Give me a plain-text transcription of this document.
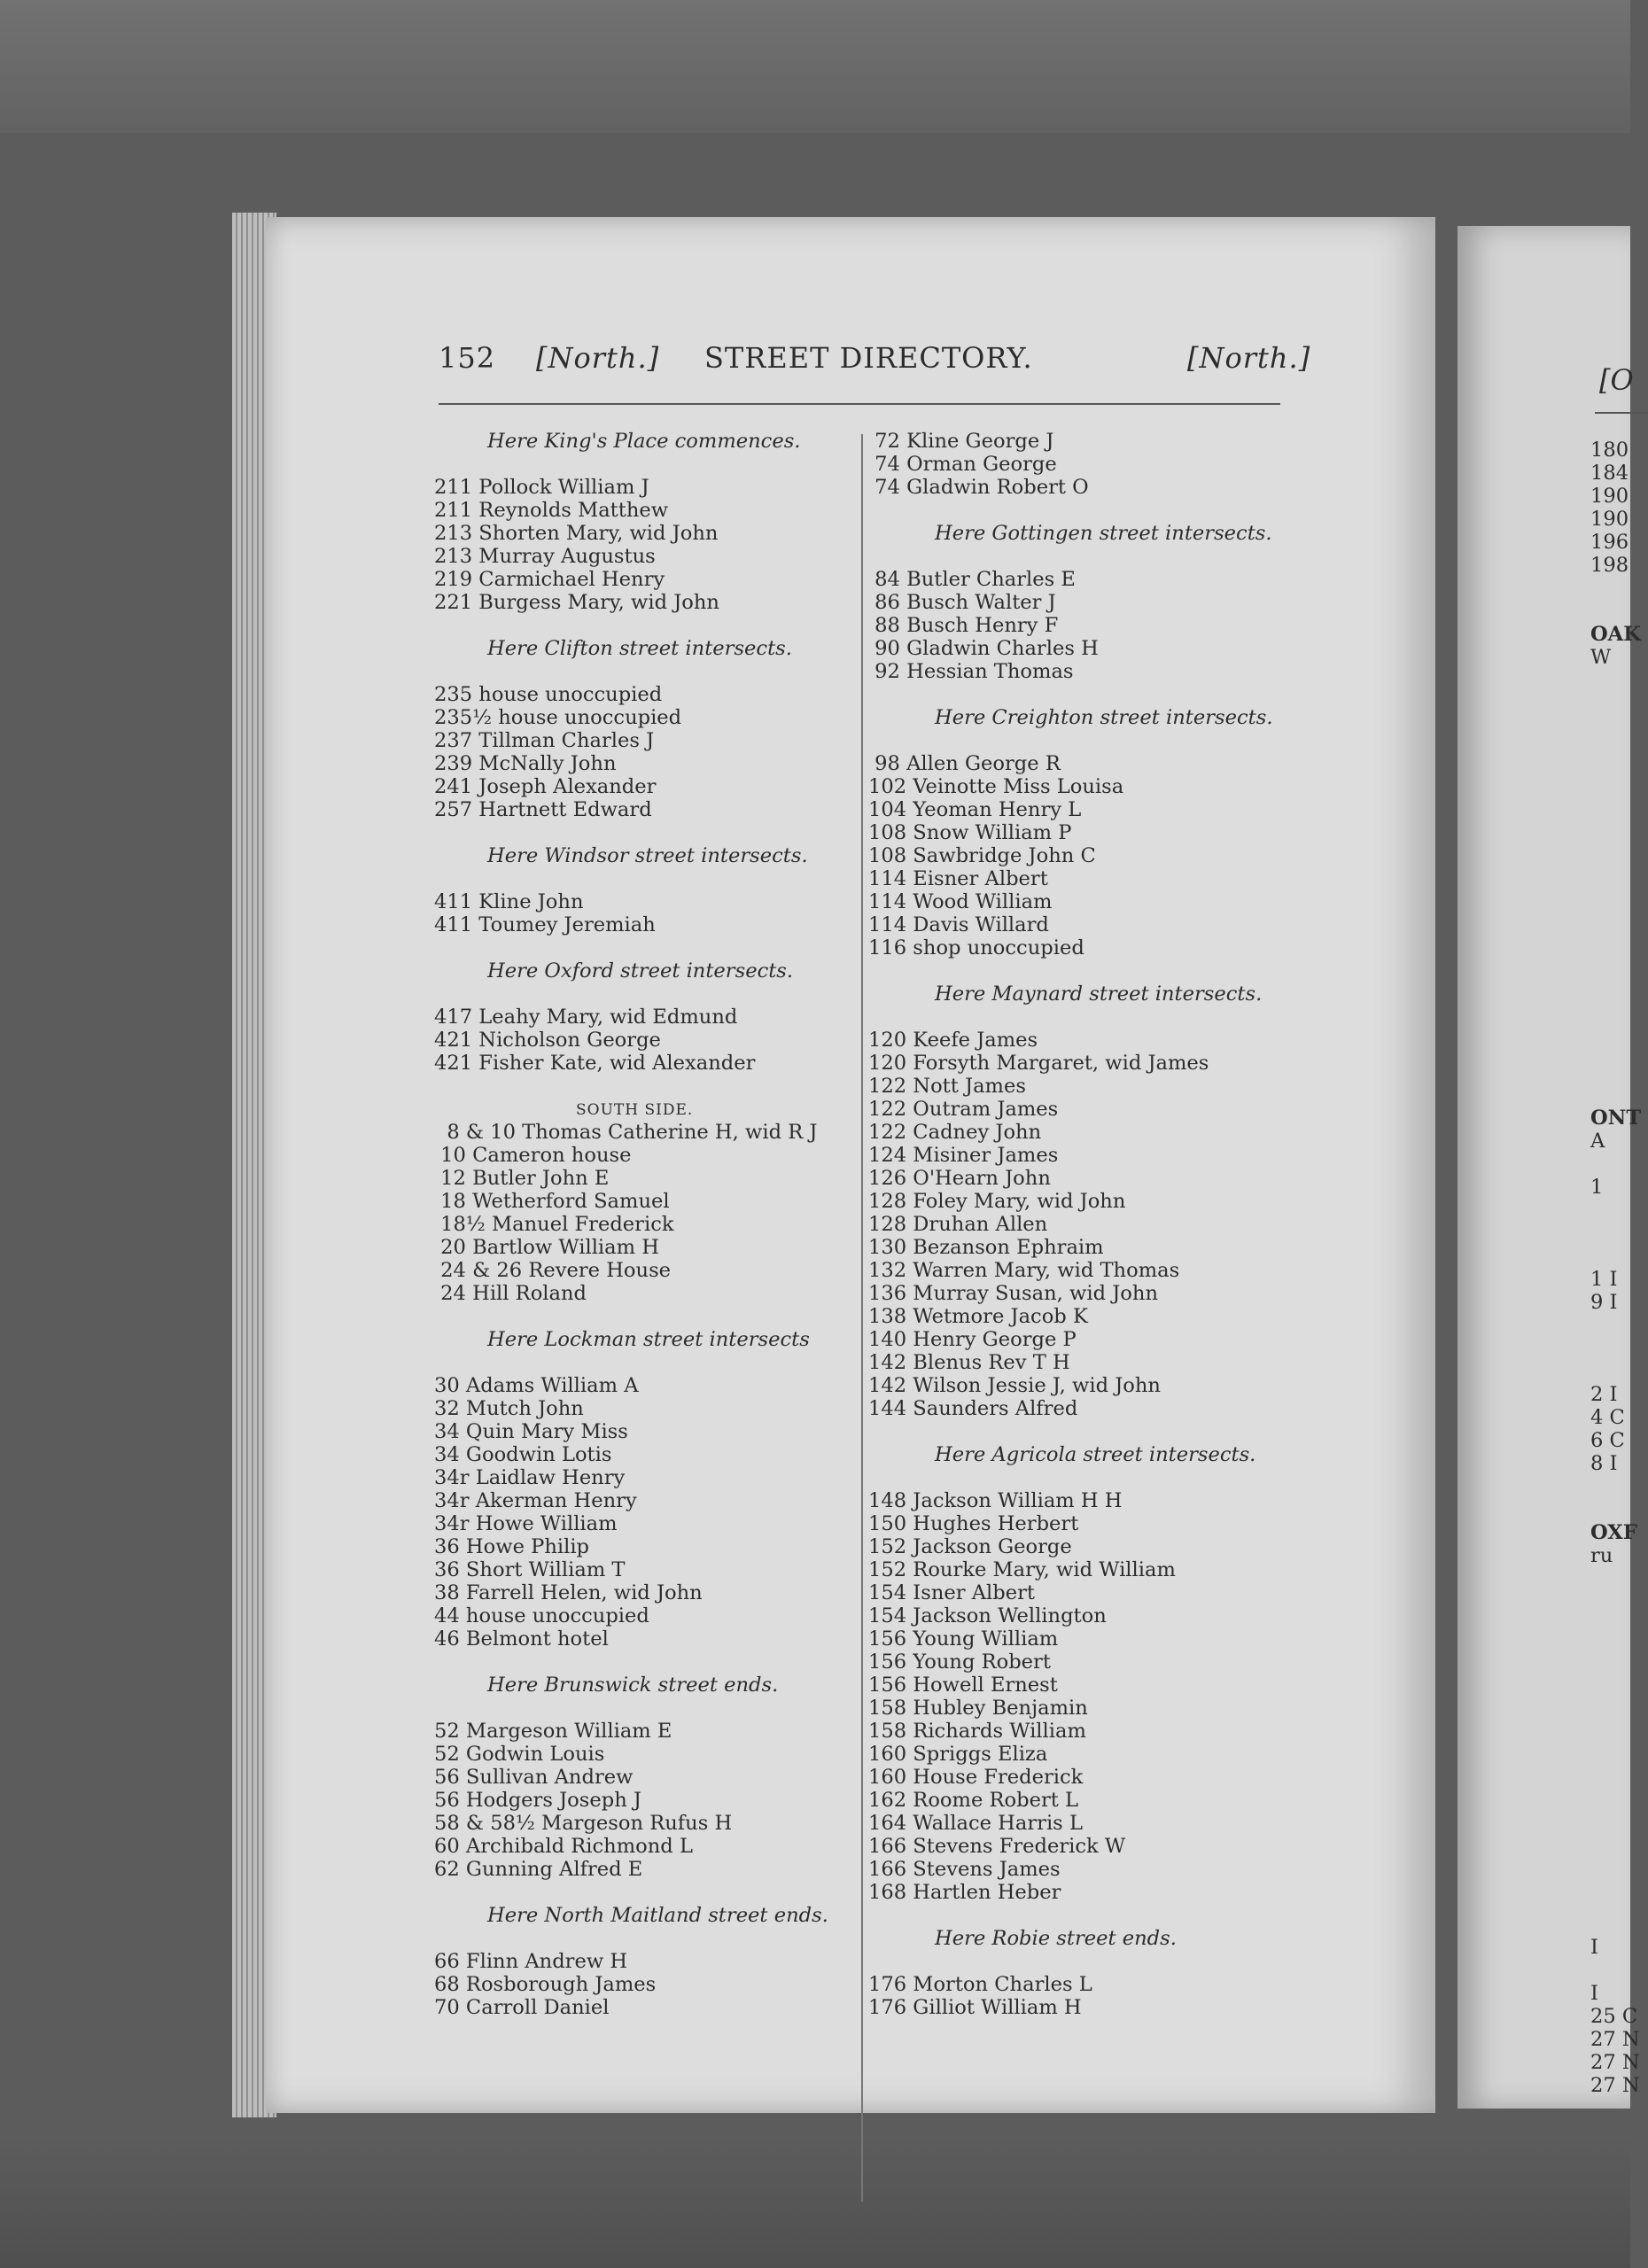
152 [North.] STREET DIRECTORY.	[North.]
Here King's Place commences.
211 Pollock William J
211 Reynolds Matthew
213 Shorten Mary, wid John
213 Murray Augustus
219 Carmichael Henry
221 Burgess Mary, wid John
Here Clifton street intersects.
235 house unoccupied
235½ house unoccupied
237 Tillman Charles J
239 McNally John
241 Joseph Alexander
257 Hartnett Edward
Here Windsor street intersects.
411 Kline John
411 Toumey Jeremiah
Here Oxford street intersects.
417 Leahy Mary, wid Edmund
421 Nicholson George
421 Fisher Kate, wid Alexander
SOUTH SIDE.
8 & 10 Thomas Catherine H, wid R J
10 Cameron house
12 Butler John E
18 Wetherford Samuel
18½ Manuel Frederick
20 Bartlow William H
24 & 26 Revere House
24 Hill Roland
Here Lockman street intersects
30 Adams William A
32 Mutch John
34 Quin Mary Miss
34 Goodwin Lotis
34r Laidlaw Henry
34r Akerman Henry
34r Howe William
36 Howe Philip
36 Short William T
38 Farrell Helen, wid John
44 house unoccupied
46 Belmont hotel
Here Brunswick street ends.
52 Margeson William E
52 Godwin Louis
56 Sullivan Andrew
56 Hodgers Joseph J
58 & 58½ Margeson Rufus H
60 Archibald Richmond L
62 Gunning Alfred E
Here North Maitland street ends.
66 Flinn Andrew H
68 Rosborough James
70 Carroll Daniel
72 Kline George J
74 Orman George
74 Gladwin Robert O
Here Gottingen street intersects.
84 Butler Charles E
86 Busch Walter J
88 Busch Henry F
90 Gladwin Charles H
92 Hessian Thomas
Here Creighton street intersects.
98 Allen George R
102 Veinotte Miss Louisa
104 Yeoman Henry L
108 Snow William P
108 Sawbridge John C
114 Eisner Albert
114 Wood William
114 Davis Willard
116 shop unoccupied
Here Maynard street intersects.
120 Keefe James
120 Forsyth Margaret, wid James
122 Nott James
122 Outram James
122 Cadney John
124 Misiner James
126 O'Hearn John
128 Foley Mary, wid John
128 Druhan Allen
130 Bezanson Ephraim
132 Warren Mary, wid Thomas
136 Murray Susan, wid John
138 Wetmore Jacob K
140 Henry George P
142 Blenus Rev T H
142 Wilson Jessie J, wid John
144 Saunders Alfred
Here Agricola street intersects.
148 Jackson William H H
150 Hughes Herbert
152 Jackson George
152 Rourke Mary, wid William
154 Isner Albert
154 Jackson Wellington
156 Young William
156 Young Robert
156 Howell Ernest
158 Hubley Benjamin
158 Richards William
160 Spriggs Eliza
160 House Frederick
162 Roome Robert L
164 Wallace Harris L
166 Stevens Frederick W
166 Stevens James
168 Hartlen Heber
Here Robie street ends.
176 Morton Charles L
176 Gilliot William H
[O
180
184
190
190
196
198
OAK
W
ONT
A
1
1 I
9 I
2 I
4 C
6 C
8 I
OXF
ru
I
I
25 C
27 N
27 N
27 N
